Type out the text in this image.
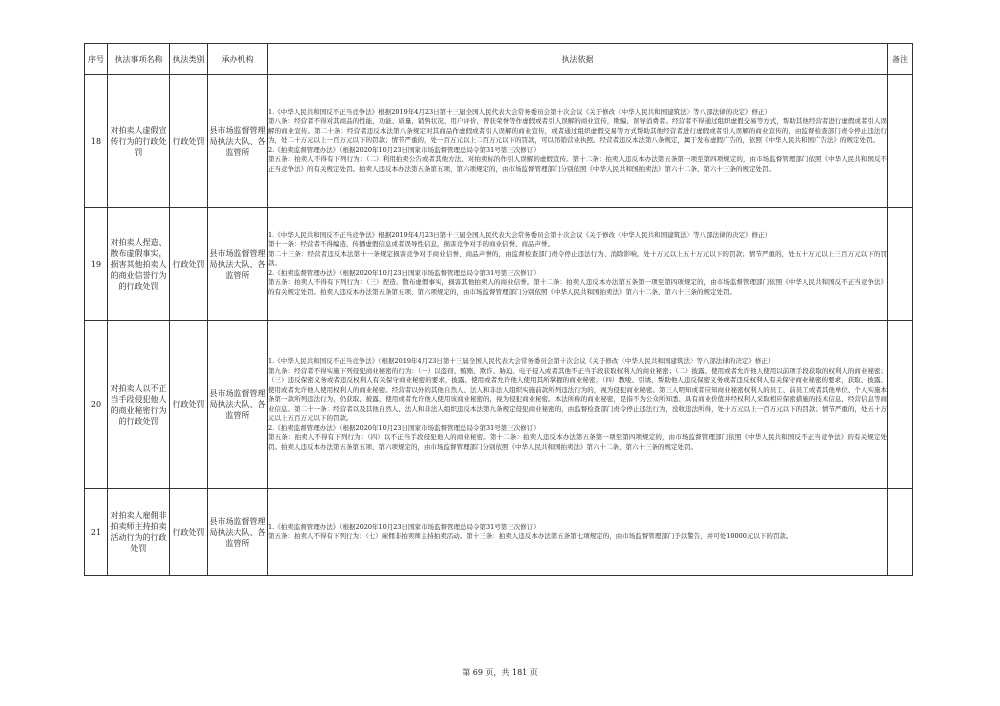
序号	执法事项名称	执法类别	承办机构	执法依据	备注
18	对拍卖人虚假宣传行为的行政处罚	行政处罚	县市场监督管理局执法大队、各监管所	1.《中华人民共和国反不正当竞争法》根据2019年4月23日第十三届全国人民代表大会常务委员会第十次会议《关于修改〈中华人民共和国建筑法〉等八部法律的决定》修正）
第八条：经营者不得对其商品的性能、功能、质量、销售状况、用户评价、曾获荣誉等作虚假或者引人误解的商业宣传，欺骗、误导消费者。经营者不得通过组织虚假交易等方式，帮助其他经营者进行虚假或者引人误解的商业宣传。第二十条：经营者违反本法第八条规定对其商品作虚假或者引人误解的商业宣传，或者通过组织虚假交易等方式帮助其他经营者进行虚假或者引人误解的商业宣传的，由监督检查部门责令停止违法行为，处二十万元以上一百万元以下的罚款；情节严重的，处一百万元以上二百万元以下的罚款，可以吊销营业执照。经营者违反本法第八条规定，属于发布虚假广告的，依照《中华人民共和国广告法》的规定处罚。
2.《拍卖监督管理办法》（根据2020年10月23日国家市场监督管理总局令第31号第三次修订）
第五条：拍卖人不得有下列行为：（二）利用拍卖公告或者其他方法，对拍卖标的作引人误解的虚假宣传。第十二条：拍卖人违反本办法第五条第一项至第四项规定的，由市场监督管理部门依照《中华人民共和国反不正当竞争法》的有关规定处罚。拍卖人违反本办法第五条第五项、第六项规定的，由市场监督管理部门分别依照《中华人民共和国拍卖法》第六十二条、第六十三条的规定处罚。	

19	对拍卖人捏造、散布虚假事实，损害其他拍卖人的商业信誉行为的行政处罚	行政处罚	县市场监督管理局执法大队、各监管所	1.《中华人民共和国反不正当竞争法》根据2019年4月23日第十三届全国人民代表大会常务委员会第十次会议《关于修改〈中华人民共和国建筑法〉等八部法律的决定》修正）
第十一条：经营者不得编造、传播虚假信息或者误导性信息，损害竞争对手的商业信誉、商品声誉。
第二十三条：经营者违反本法第十一条规定损害竞争对手商业信誉、商品声誉的，由监督检查部门责令停止违法行为、消除影响，处十万元以上五十万元以下的罚款；情节严重的，处五十万元以上三百万元以下的罚款。
2.《拍卖监督管理办法》（根据2020年10月23日国家市场监督管理总局令第31号第三次修订）
第五条：拍卖人不得有下列行为：（三）捏造、散布虚假事实，损害其他拍卖人的商业信誉。第十二条：拍卖人违反本办法第五条第一项至第四项规定的，由市场监督管理部门依照《中华人民共和国反不正当竞争法》的有关规定处罚。拍卖人违反本办法第五条第五项、第六项规定的，由市场监督管理部门分别依照《中华人民共和国拍卖法》第六十二条、第六十三条的规定处罚。	

20	对拍卖人以不正当手段侵犯他人的商业秘密行为的行政处罚	行政处罚	县市场监督管理局执法大队、各监管所	1.《中华人民共和国反不正当竞争法》（根据2019年4月23日第十三届全国人民代表大会常务委员会第十次会议《关于修改〈中华人民共和国建筑法〉等八部法律的决定》修正）
第九条：经营者不得实施下列侵犯商业秘密的行为：（一）以盗窃、贿赂、欺诈、胁迫、电子侵入或者其他不正当手段获取权利人的商业秘密；（二）披露、使用或者允许他人使用以前项手段获取的权利人的商业秘密；（三）违反保密义务或者违反权利人有关保守商业秘密的要求，披露、使用或者允许他人使用其所掌握的商业秘密；（四）教唆、引诱、帮助他人违反保密义务或者违反权利人有关保守商业秘密的要求，获取、披露、使用或者允许他人使用权利人的商业秘密。经营者以外的其他自然人、法人和非法人组织实施前款所列违法行为的，视为侵犯商业秘密。第三人明知或者应知商业秘密权利人的员工、前员工或者其他单位、个人实施本条第一款所列违法行为，仍获取、披露、使用或者允许他人使用该商业秘密的，视为侵犯商业秘密。本法所称的商业秘密，是指不为公众所知悉、具有商业价值并经权利人采取相应保密措施的技术信息、经营信息等商业信息。第二十一条：经营者以及其他自然人、法人和非法人组织违反本法第九条规定侵犯商业秘密的，由监督检查部门责令停止违法行为，没收违法所得，处十万元以上一百万元以下的罚款；情节严重的，处五十万元以上五百万元以下的罚款。
2.《拍卖监督管理办法》（根据2020年10月23日国家市场监督管理总局令第31号第三次修订）
第五条：拍卖人不得有下列行为：（四）以不正当手段侵犯他人的商业秘密。第十二条：拍卖人违反本办法第五条第一项至第四项规定的，由市场监督管理部门依照《中华人民共和国反不正当竞争法》的有关规定处罚。拍卖人违反本办法第五条第五项、第六项规定的，由市场监督管理部门分别依照《中华人民共和国拍卖法》第六十二条、第六十三条的规定处罚。	

21	对拍卖人雇佣非拍卖师主持拍卖活动行为的行政处罚	行政处罚	县市场监督管理局执法大队、各监管所	1.《拍卖监督管理办法》（根据2020年10月23日国家市场监督管理总局令第31号第三次修订）
第五条：拍卖人不得有下列行为：（七）雇佣非拍卖师主持拍卖活动。第十三条：拍卖人违反本办法第五条第七项规定的，由市场监督管理部门予以警告，并可处10000元以下的罚款。	

第 69 页，共 181 页
